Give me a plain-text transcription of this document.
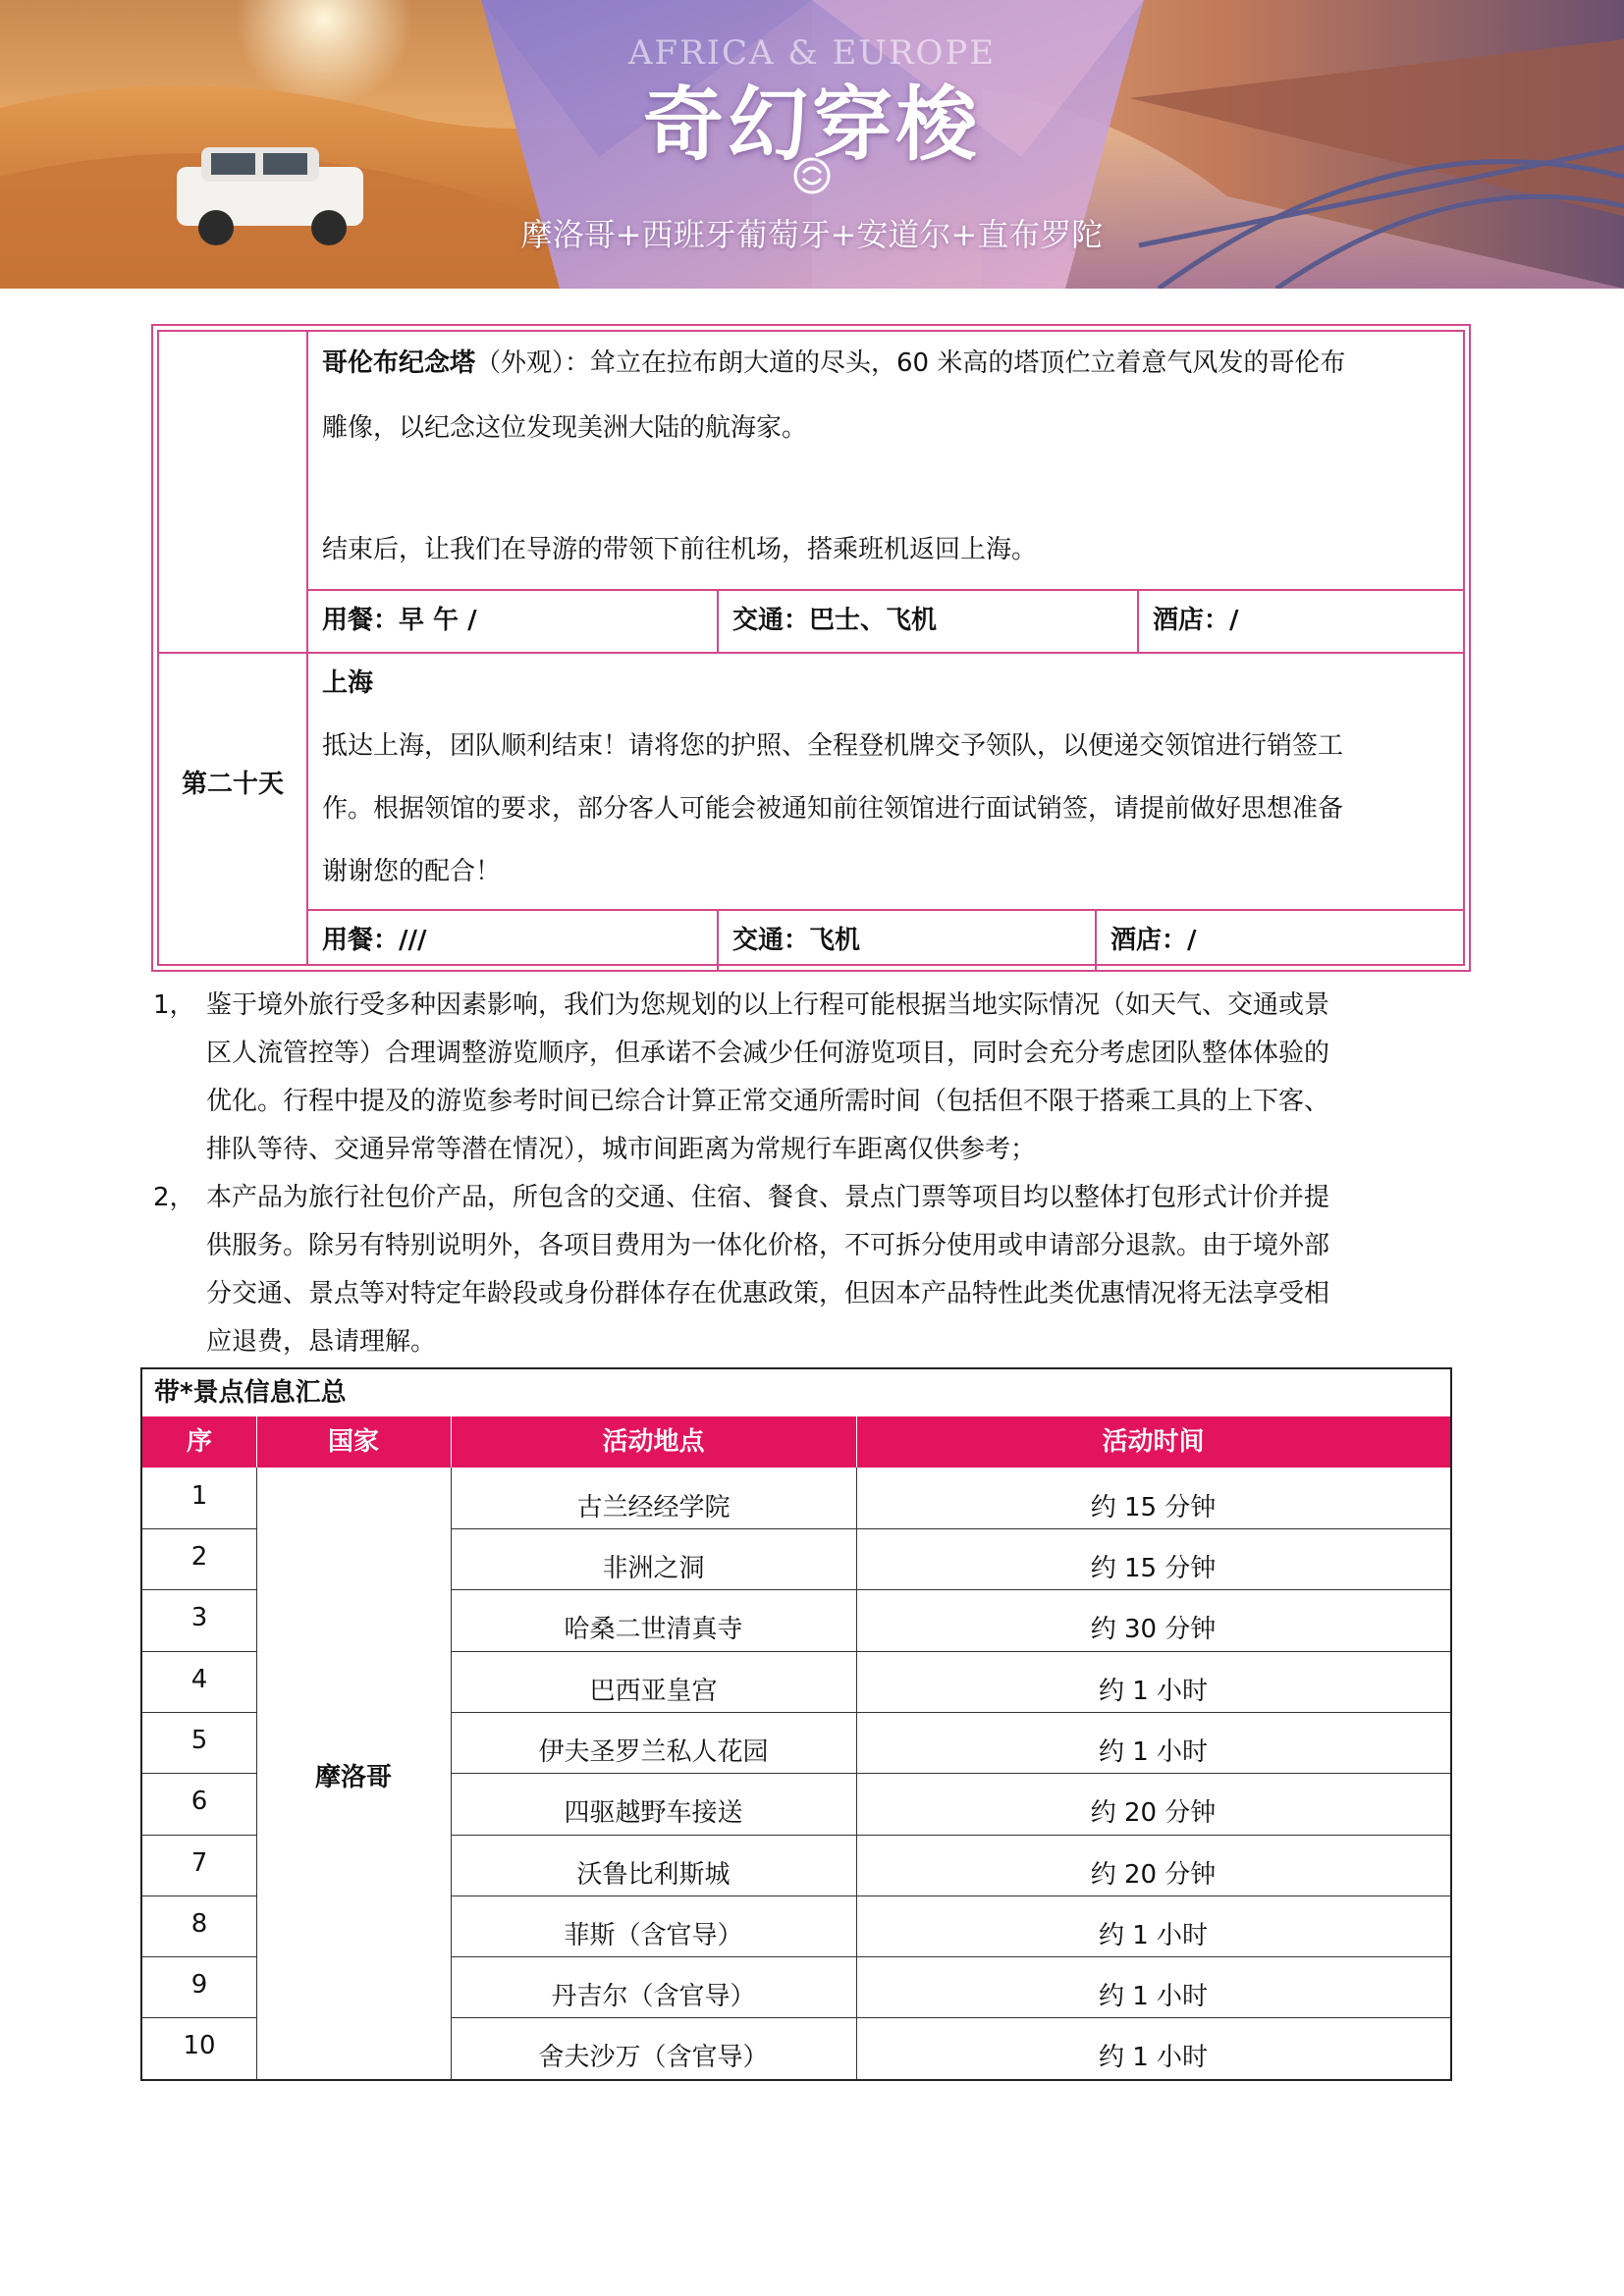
AFRICA & EUROPE
奇幻穿梭
摩洛哥+西班牙葡萄牙+安道尔+直布罗陀
哥伦布纪念塔（外观）：耸立在拉布朗大道的尽头，60 米高的塔顶伫立着意气风发的哥伦布
雕像，以纪念这位发现美洲大陆的航海家。
结束后，让我们在导游的带领下前往机场，搭乘班机返回上海。
用餐：早 午 /	交通：巴士、飞机	酒店：/
第二十天
上海
抵达上海，团队顺利结束！请将您的护照、全程登机牌交予领队，以便递交领馆进行销签工
作。根据领馆的要求，部分客人可能会被通知前往领馆进行面试销签，请提前做好思想准备
谢谢您的配合！
用餐：///	交通：飞机	酒店：/
1， 鉴于境外旅行受多种因素影响，我们为您规划的以上行程可能根据当地实际情况（如天气、交通或景
区人流管控等）合理调整游览顺序，但承诺不会减少任何游览项目，同时会充分考虑团队整体体验的
优化。行程中提及的游览参考时间已综合计算正常交通所需时间（包括但不限于搭乘工具的上下客、
排队等待、交通异常等潜在情况），城市间距离为常规行车距离仅供参考；
2， 本产品为旅行社包价产品，所包含的交通、住宿、餐食、景点门票等项目均以整体打包形式计价并提
供服务。除另有特别说明外，各项目费用为一体化价格，不可拆分使用或申请部分退款。由于境外部
分交通、景点等对特定年龄段或身份群体存在优惠政策，但因本产品特性此类优惠情况将无法享受相
应退费，恳请理解。
带*景点信息汇总
序	国家	活动地点	活动时间
摩洛哥
1	古兰经经学院	约 15 分钟
2	非洲之洞	约 15 分钟
3	哈桑二世清真寺	约 30 分钟
4	巴西亚皇宫	约 1 小时
5	伊夫圣罗兰私人花园	约 1 小时
6	四驱越野车接送	约 20 分钟
7	沃鲁比利斯城	约 20 分钟
8	菲斯（含官导）	约 1 小时
9	丹吉尔（含官导）	约 1 小时
10	舍夫沙万（含官导）	约 1 小时
